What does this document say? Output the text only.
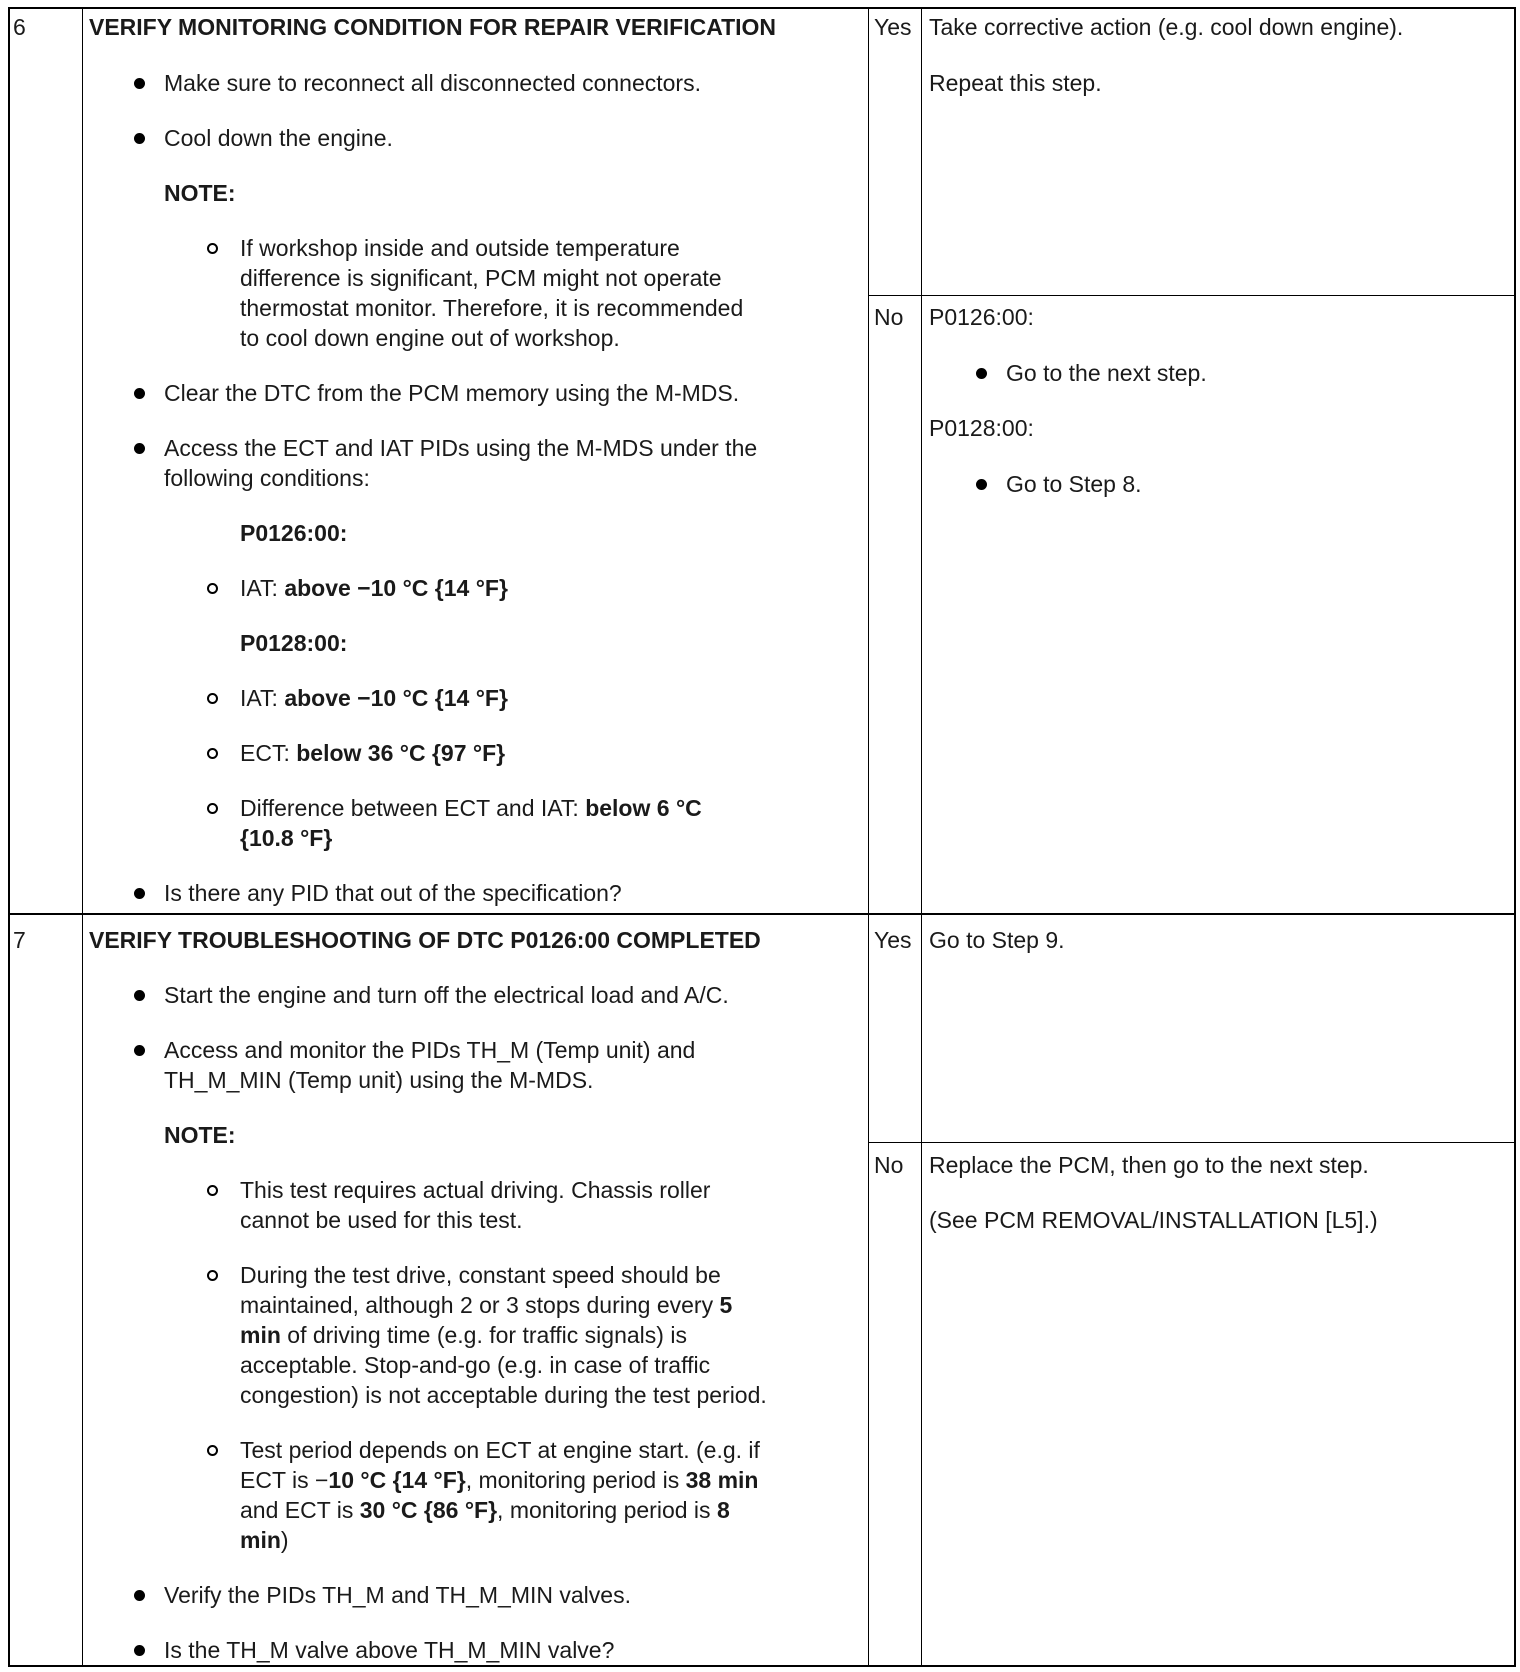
6	VERIFY MONITORING CONDITION FOR REPAIR VERIFICATION
Make sure to reconnect all disconnected connectors.
Cool down the engine.
NOTE:
If workshop inside and outside temperature
difference is significant, PCM might not operate
thermostat monitor. Therefore, it is recommended
to cool down engine out of workshop.
Clear the DTC from the PCM memory using the M-MDS.
Access the ECT and IAT PIDs using the M-MDS under the
following conditions:
P0126:00:
IAT: above −10 °C {14 °F}
P0128:00:
IAT: above −10 °C {14 °F}
ECT: below 36 °C {97 °F}
Difference between ECT and IAT: below 6 °C
{10.8 °F}
Is there any PID that out of the specification?
Yes Take corrective action (e.g. cool down engine).
Repeat this step.
No P0126:00:
Go to the next step.
P0128:00:
Go to Step 8.
7	VERIFY TROUBLESHOOTING OF DTC P0126:00 COMPLETED
Start the engine and turn off the electrical load and A/C.
Access and monitor the PIDs TH_M (Temp unit) and
TH_M_MIN (Temp unit) using the M-MDS.
NOTE:
This test requires actual driving. Chassis roller
cannot be used for this test.
During the test drive, constant speed should be
maintained, although 2 or 3 stops during every 5
min of driving time (e.g. for traffic signals) is
acceptable. Stop-and-go (e.g. in case of traffic
congestion) is not acceptable during the test period.
Test period depends on ECT at engine start. (e.g. if
ECT is −10 °C {14 °F}, monitoring period is 38 min
and ECT is 30 °C {86 °F}, monitoring period is 8
min)
Verify the PIDs TH_M and TH_M_MIN valves.
Is the TH_M valve above TH_M_MIN valve?
Yes Go to Step 9.
No Replace the PCM, then go to the next step.
(See PCM REMOVAL/INSTALLATION [L5].)
